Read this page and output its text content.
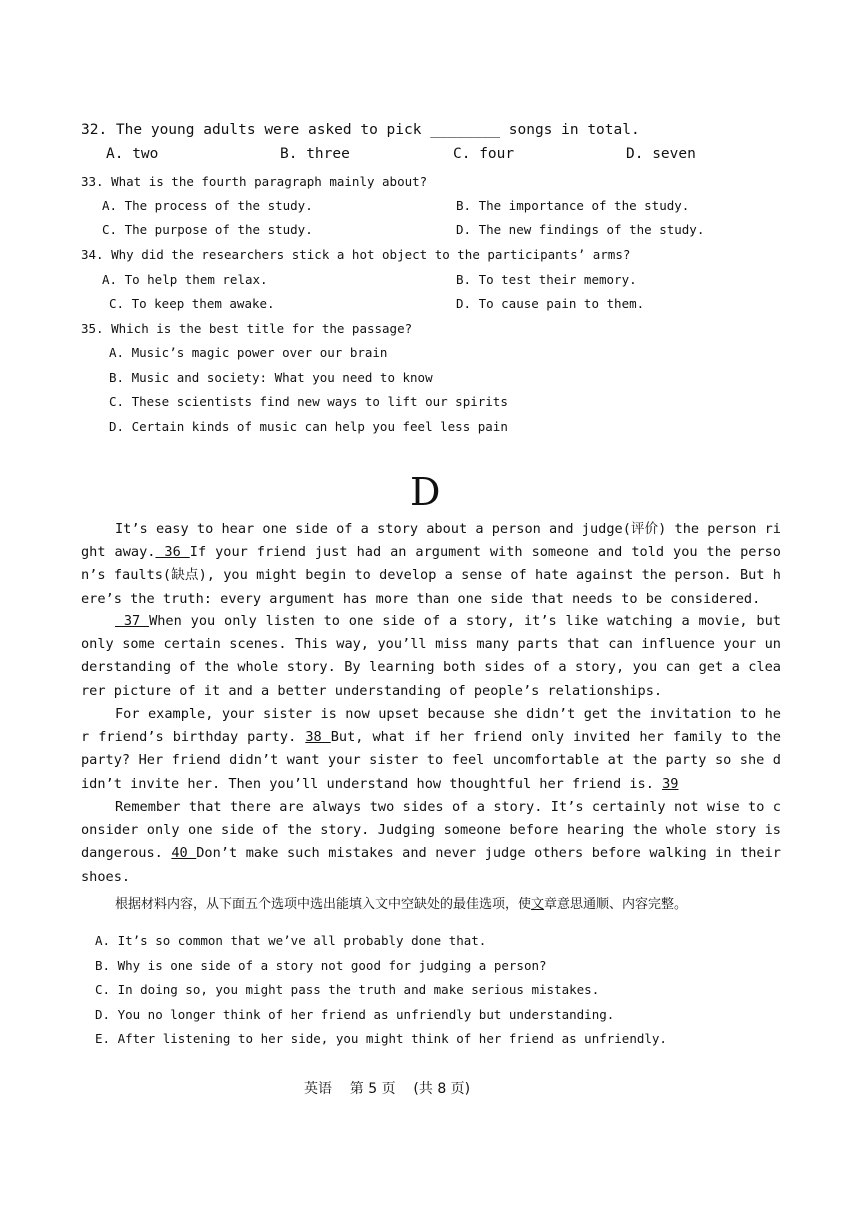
32. The young adults were asked to pick ________ songs in total.
A. two	B. three	C. four	D. seven
33. What is the fourth paragraph mainly about?
A. The process of the study.	B. The importance of the study.
C. The purpose of the study.	D. The new findings of the study.
34. Why did the researchers stick a hot object to the participants’ arms?
A. To help them relax.	B. To test their memory.
C. To keep them awake.	D. To cause pain to them.
35. Which is the best title for the passage?
A. Music’s magic power over our brain
B. Music and society: What you need to know
C. These scientists find new ways to lift our spirits
D. Certain kinds of music can help you feel less pain
D
It’s easy to hear one side of a story about a person and judge(评价) the person right away. 36 If your friend just had an argument with someone and told you the person’s faults(缺点), you might begin to develop a sense of hate against the person. But here’s the truth: every argument has more than one side that needs to be considered.
37 When you only listen to one side of a story, it’s like watching a movie, but only some certain scenes. This way, you’ll miss many parts that can influence your understanding of the whole story. By learning both sides of a story, you can get a clearer picture of it and a better understanding of people’s relationships.
For example, your sister is now upset because she didn’t get the invitation to her friend’s birthday party. 38 But, what if her friend only invited her family to the party? Her friend didn’t want your sister to feel uncomfortable at the party so she didn’t invite her. Then you’ll understand how thoughtful her friend is. 39
Remember that there are always two sides of a story. It’s certainly not wise to consider only one side of the story. Judging someone before hearing the whole story is dangerous. 40 Don’t make such mistakes and never judge others before walking in their shoes.
根据材料内容，从下面五个选项中选出能填入文中空缺处的最佳选项，使文章意思通顺、内容完整。
A. It’s so common that we’ve all probably done that.
B. Why is one side of a story not good for judging a person?
C. In doing so, you might pass the truth and make serious mistakes.
D. You no longer think of her friend as unfriendly but understanding.
E. After listening to her side, you might think of her friend as unfriendly.
英语    第 5 页    (共 8 页)
